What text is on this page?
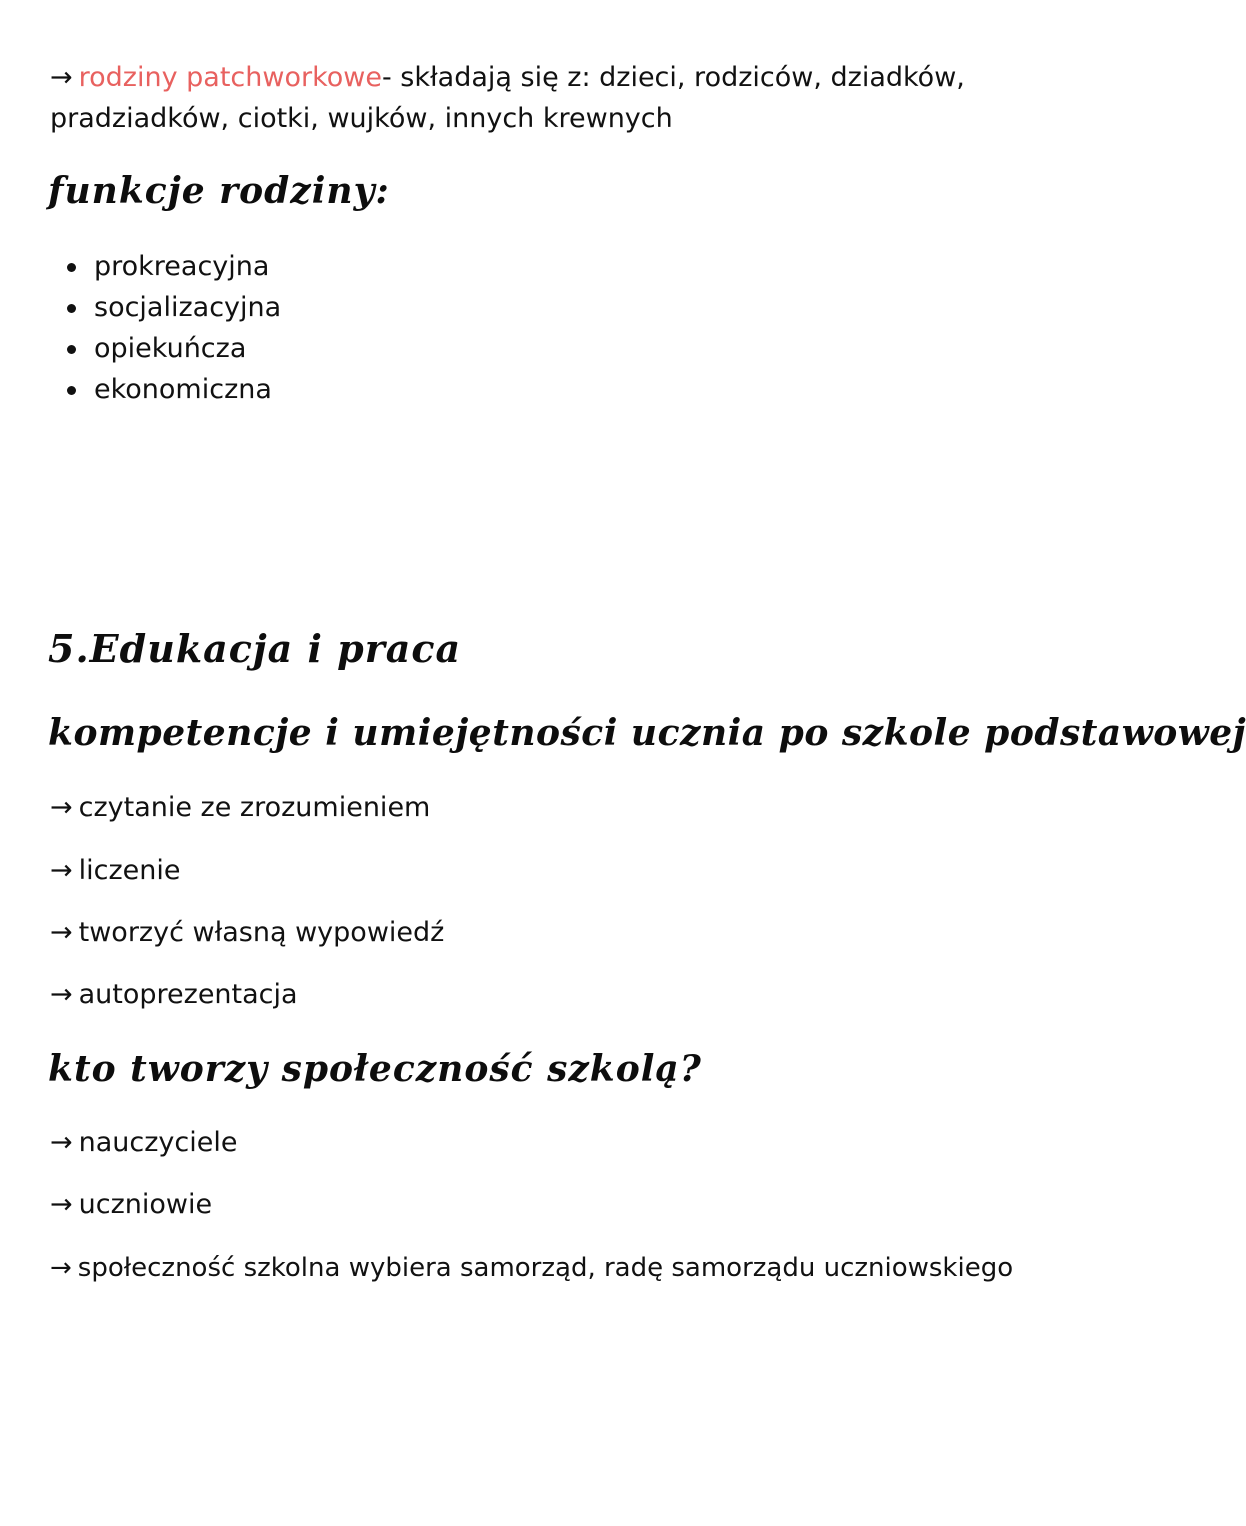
→ rodziny patchworkowe- składają się z: dzieci, rodziców, dziadków,
pradziadków, ciotki, wujków, innych krewnych
funkcje rodziny:
prokreacyjna
socjalizacyjna
opiekuńcza
ekonomiczna
5.Edukacja i praca
kompetencje i umiejętności ucznia po szkole podstawowej
→ czytanie ze zrozumieniem
→ liczenie
→ tworzyć własną wypowiedź
→ autoprezentacja
kto tworzy społeczność szkolą?
→ nauczyciele
→ uczniowie
→ społeczność szkolna wybiera samorząd, radę samorządu uczniowskiego
